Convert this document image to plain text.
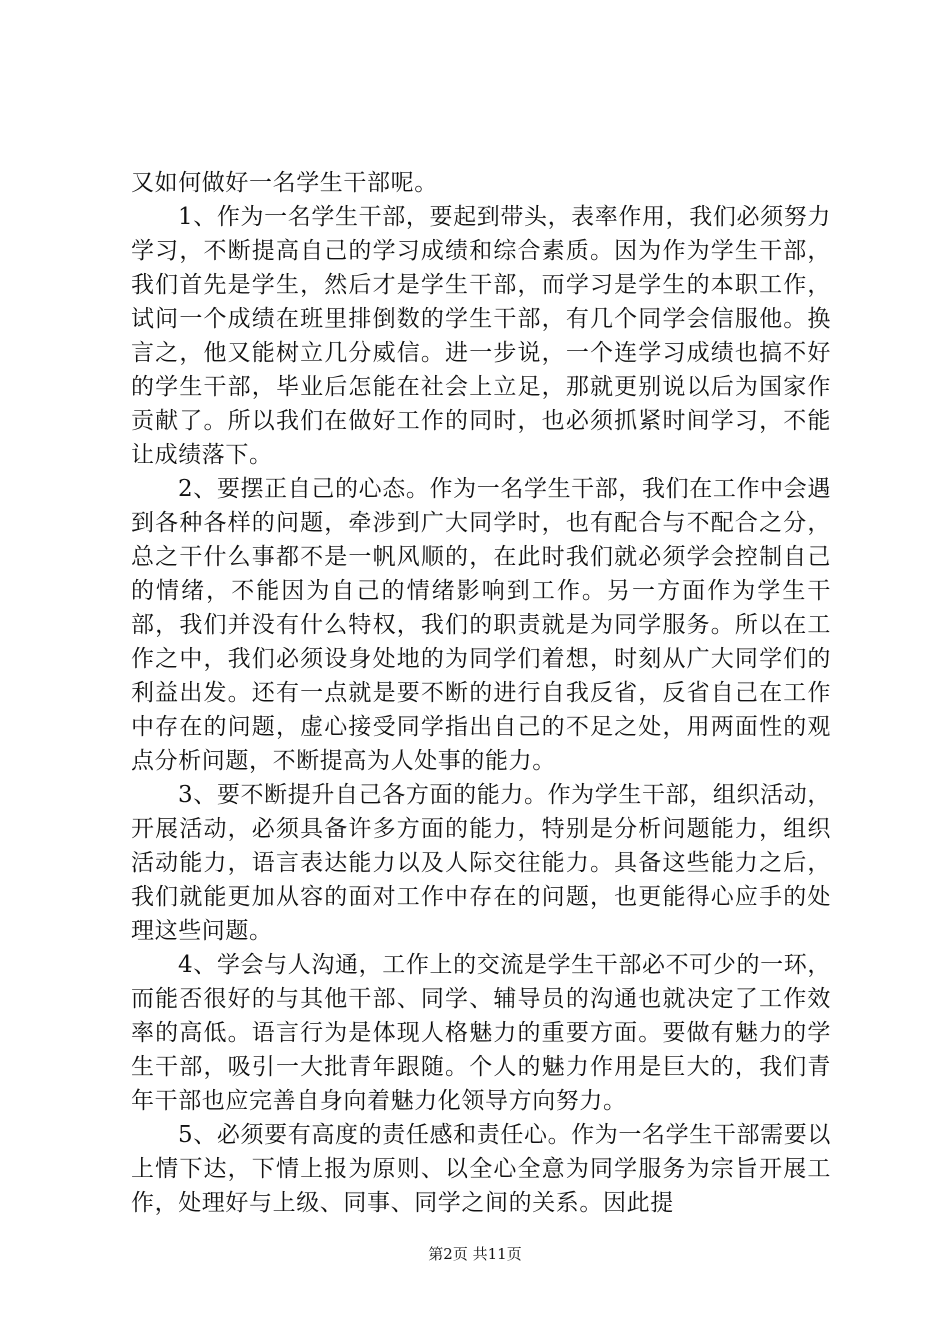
又如何做好一名学生干部呢。

1、作为一名学生干部，要起到带头，表率作用，我们必须努力学习，不断提高自己的学习成绩和综合素质。因为作为学生干部，我们首先是学生，然后才是学生干部，而学习是学生的本职工作，试问一个成绩在班里排倒数的学生干部，有几个同学会信服他。换言之，他又能树立几分威信。进一步说，一个连学习成绩也搞不好的学生干部，毕业后怎能在社会上立足，那就更别说以后为国家作贡献了。所以我们在做好工作的同时，也必须抓紧时间学习，不能让成绩落下。

2、要摆正自己的心态。作为一名学生干部，我们在工作中会遇到各种各样的问题，牵涉到广大同学时，也有配合与不配合之分，总之干什么事都不是一帆风顺的，在此时我们就必须学会控制自己的情绪，不能因为自己的情绪影响到工作。另一方面作为学生干部，我们并没有什么特权，我们的职责就是为同学服务。所以在工作之中，我们必须设身处地的为同学们着想，时刻从广大同学们的利益出发。还有一点就是要不断的进行自我反省，反省自己在工作中存在的问题，虚心接受同学指出自己的不足之处，用两面性的观点分析问题，不断提高为人处事的能力。

3、要不断提升自己各方面的能力。作为学生干部，组织活动，开展活动，必须具备许多方面的能力，特别是分析问题能力，组织活动能力，语言表达能力以及人际交往能力。具备这些能力之后，我们就能更加从容的面对工作中存在的问题，也更能得心应手的处理这些问题。

4、学会与人沟通，工作上的交流是学生干部必不可少的一环，而能否很好的与其他干部、同学、辅导员的沟通也就决定了工作效率的高低。语言行为是体现人格魅力的重要方面。要做有魅力的学生干部，吸引一大批青年跟随。个人的魅力作用是巨大的，我们青年干部也应完善自身向着魅力化领导方向努力。

5、必须要有高度的责任感和责任心。作为一名学生干部需要以上情下达，下情上报为原则、以全心全意为同学服务为宗旨开展工作，处理好与上级、同事、同学之间的关系。因此提

第2页 共11页
